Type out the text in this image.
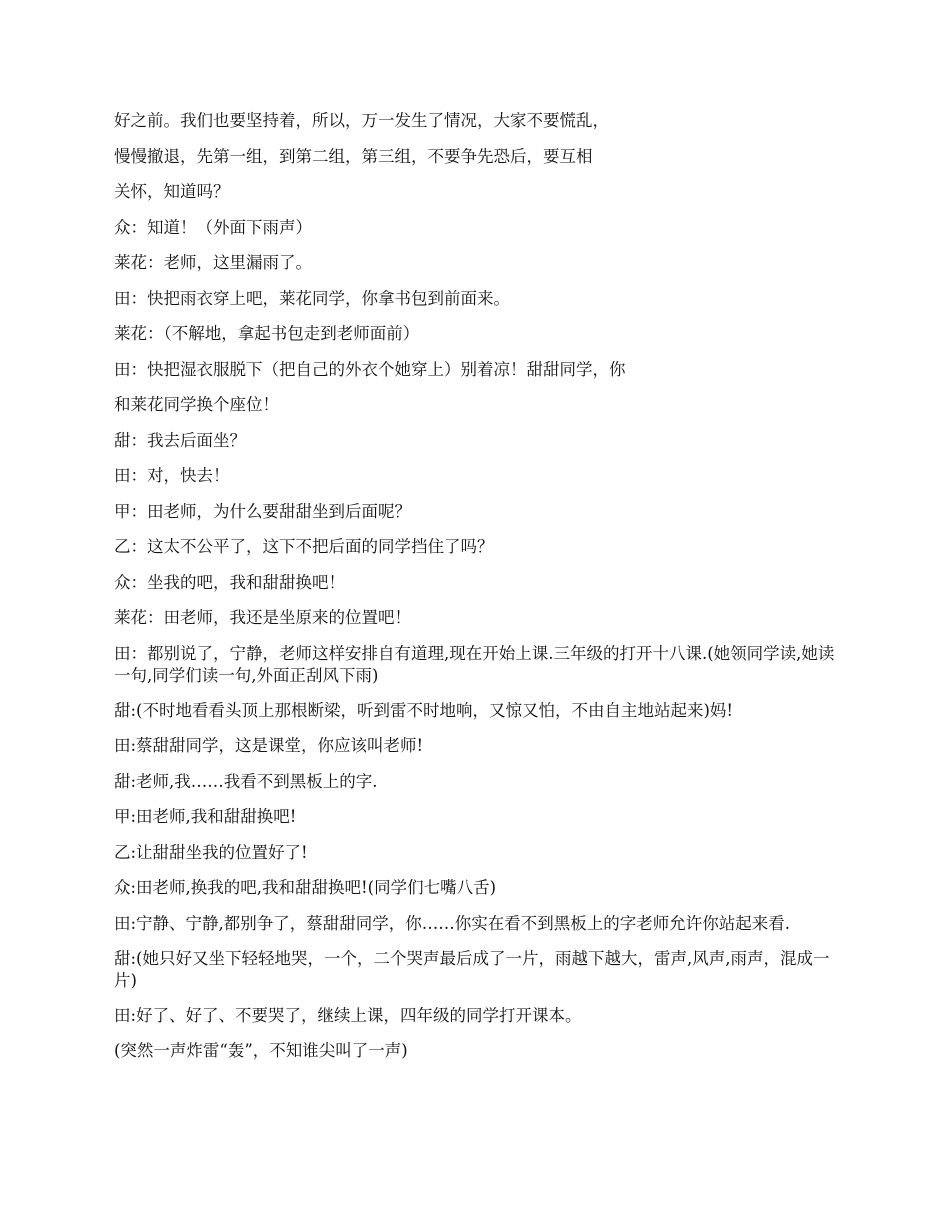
好之前。我们也要坚持着，所以，万一发生了情况，大家不要慌乱，

慢慢撤退，先第一组，到第二组，第三组，不要争先恐后，要互相

关怀，知道吗？

众：知道！（外面下雨声）

莱花：老师，这里漏雨了。

田：快把雨衣穿上吧，莱花同学，你拿书包到前面来。

莱花：（不解地，拿起书包走到老师面前）

田：快把湿衣服脱下（把自己的外衣个她穿上）别着凉！甜甜同学，你

和莱花同学换个座位！

甜：我去后面坐？

田：对，快去！

甲：田老师，为什么要甜甜坐到后面呢？

乙：这太不公平了，这下不把后面的同学挡住了吗？

众：坐我的吧，我和甜甜换吧！

莱花：田老师，我还是坐原来的位置吧！

田：都别说了，宁静，老师这样安排自有道理,现在开始上课.三年级的打开十八课.(她领同学读,她读一句,同学们读一句,外面正刮风下雨)

甜:(不时地看看头顶上那根断梁，听到雷不时地响，又惊又怕，不由自主地站起来)妈!

田:蔡甜甜同学，这是课堂，你应该叫老师!

甜:老师,我……我看不到黑板上的字.

甲:田老师,我和甜甜换吧!

乙:让甜甜坐我的位置好了!

众:田老师,换我的吧,我和甜甜换吧!(同学们七嘴八舌)

田:宁静、宁静,都别争了，蔡甜甜同学，你……你实在看不到黑板上的字老师允许你站起来看.

甜:(她只好又坐下轻轻地哭，一个，二个哭声最后成了一片，雨越下越大，雷声,风声,雨声，混成一片)

田:好了、好了、不要哭了，继续上课，四年级的同学打开课本。

(突然一声炸雷“轰”，不知谁尖叫了一声)
